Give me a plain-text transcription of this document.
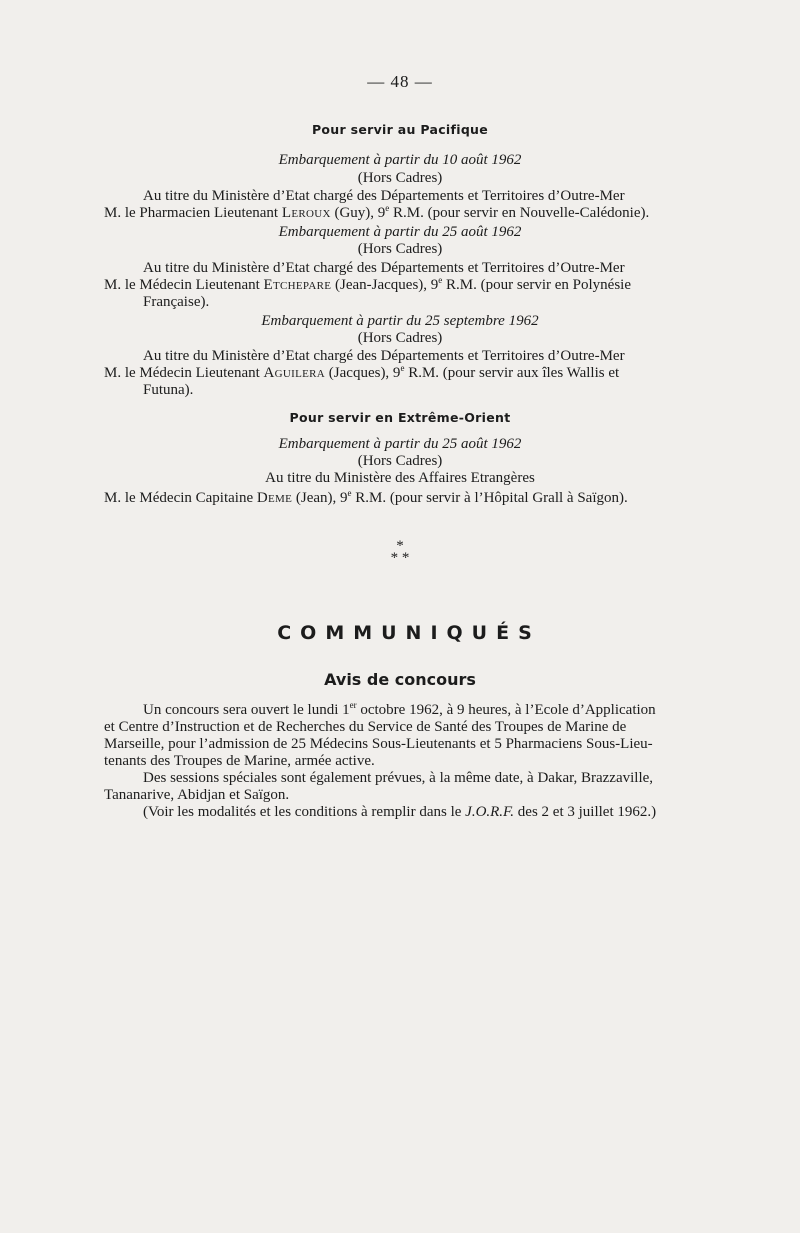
— 48 —
Pour servir au Pacifique
Embarquement à partir du 10 août 1962
(Hors Cadres)
Au titre du Ministère d’Etat chargé des Départements et Territoires d’Outre-Mer
M. le Pharmacien Lieutenant Leroux (Guy), 9e R.M. (pour servir en Nouvelle-Calédonie).
Embarquement à partir du 25 août 1962
(Hors Cadres)
Au titre du Ministère d’Etat chargé des Départements et Territoires d’Outre-Mer
M. le Médecin Lieutenant Etchepare (Jean-Jacques), 9e R.M. (pour servir en Polynésie
Française).
Embarquement à partir du 25 septembre 1962
(Hors Cadres)
Au titre du Ministère d’Etat chargé des Départements et Territoires d’Outre-Mer
M. le Médecin Lieutenant Aguilera (Jacques), 9e R.M. (pour servir aux îles Wallis et
Futuna).
Pour servir en Extrême-Orient
Embarquement à partir du 25 août 1962
(Hors Cadres)
Au titre du Ministère des Affaires Etrangères
M. le Médecin Capitaine Deme (Jean), 9e R.M. (pour servir à l’Hôpital Grall à Saïgon).
*
* *
COMMUNIQUÉS
Avis de concours
Un concours sera ouvert le lundi 1er octobre 1962, à 9 heures, à l’Ecole d’Application
et Centre d’Instruction et de Recherches du Service de Santé des Troupes de Marine de
Marseille, pour l’admission de 25 Médecins Sous-Lieutenants et 5 Pharmaciens Sous-Lieu-
tenants des Troupes de Marine, armée active.
Des sessions spéciales sont également prévues, à la même date, à Dakar, Brazzaville,
Tananarive, Abidjan et Saïgon.
(Voir les modalités et les conditions à remplir dans le J.O.R.F. des 2 et 3 juillet 1962.)
